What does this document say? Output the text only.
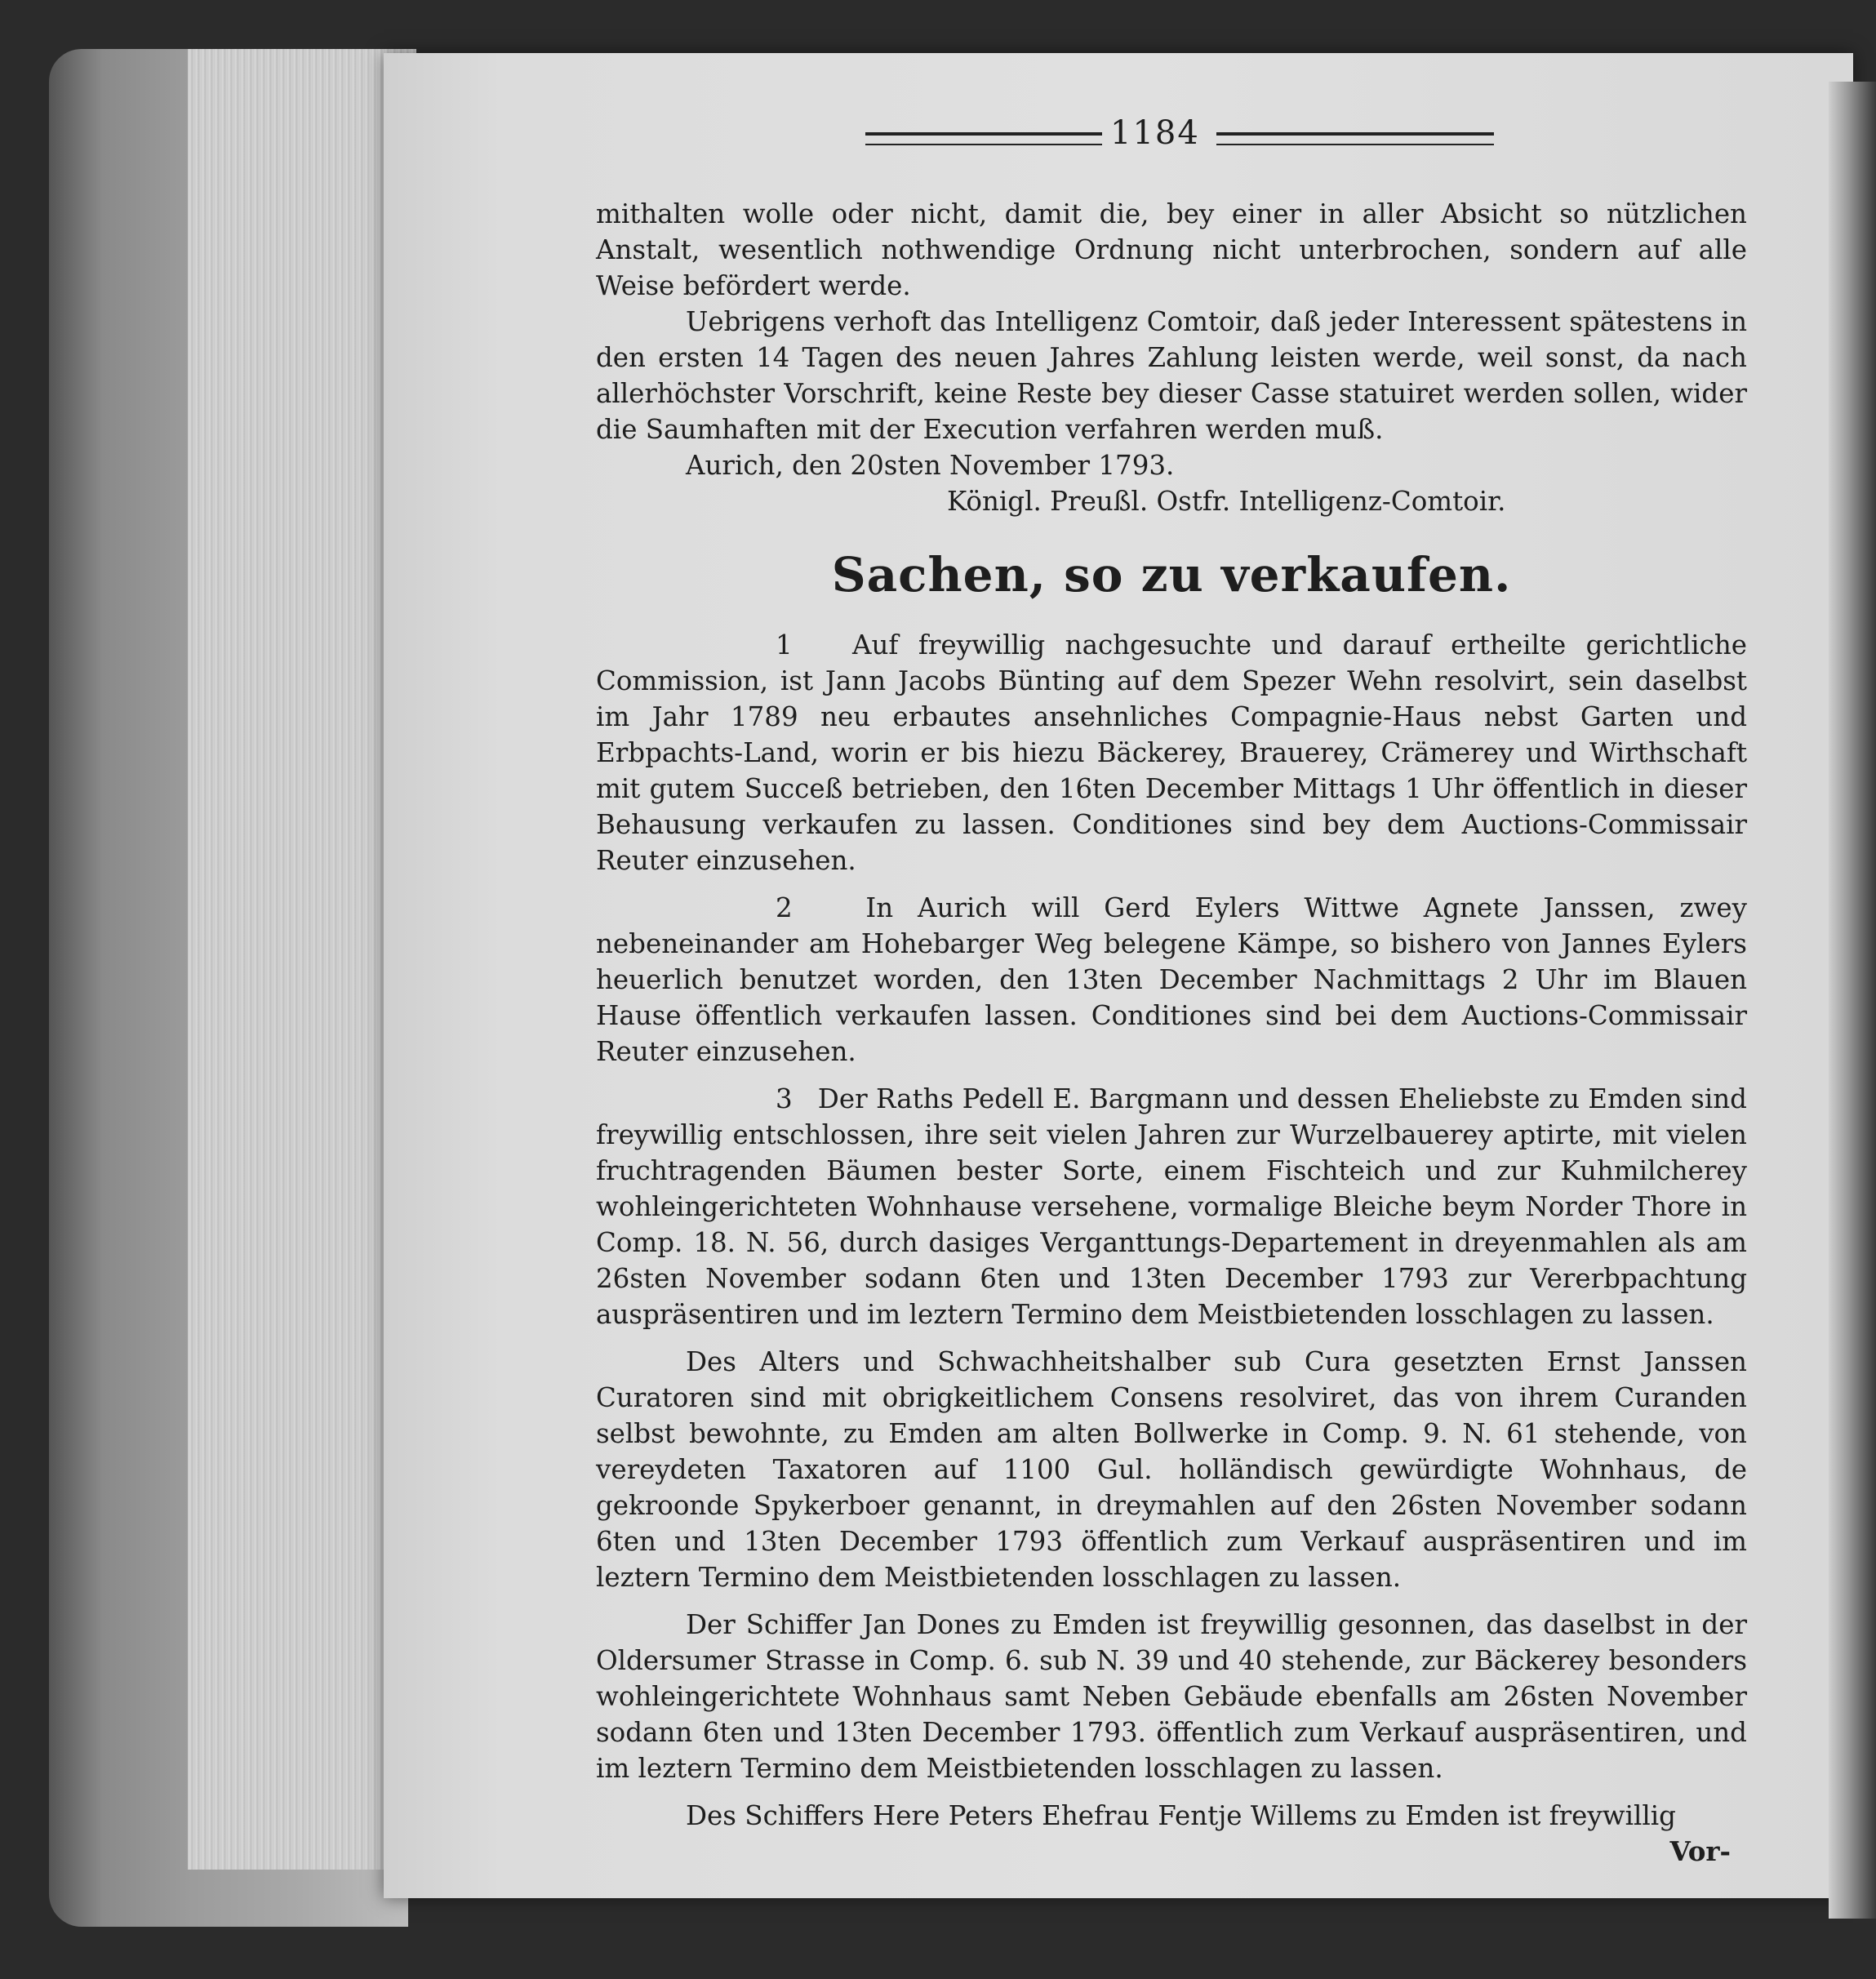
1184

mithalten wolle oder nicht, damit die, bey einer in aller Absicht so nützlichen Anstalt, wesentlich nothwendige Ordnung nicht unterbrochen, sondern auf alle Weise befördert werde.

Uebrigens verhoft das Intelligenz Comtoir, daß jeder Interessent spätestens in den ersten 14 Tagen des neuen Jahres Zahlung leisten werde, weil sonst, da nach allerhöchster Vorschrift, keine Reste bey dieser Casse statuiret werden sollen, wider die Saumhaften mit der Execution verfahren werden muß.

Aurich, den 20sten November 1793.

Königl. Preußl. Ostfr. Intelligenz-Comtoir.

Sachen, so zu verkaufen.

1 Auf freywillig nachgesuchte und darauf ertheilte gerichtliche Commission, ist Jann Jacobs Bünting auf dem Spezer Wehn resolvirt, sein daselbst im Jahr 1789 neu erbautes ansehnliches Compagnie-Haus nebst Garten und Erbpachts-Land, worin er bis hiezu Bäckerey, Brauerey, Crämerey und Wirthschaft mit gutem Succeß betrieben, den 16ten December Mittags 1 Uhr öffentlich in dieser Behausung verkaufen zu lassen. Conditiones sind bey dem Auctions-Commissair Reuter einzusehen.

2	In Aurich will Gerd Eylers Wittwe Agnete Janssen, zwey nebeneinander am Hohebarger Weg belegene Kämpe, so bishero von Jannes Eylers heuerlich benutzet worden, den 13ten December Nachmittags 2 Uhr im Blauen Hause öffentlich verkaufen lassen. Conditiones sind bei dem Auctions-Commissair Reuter einzusehen.

3 Der Raths Pedell E. Bargmann und dessen Eheliebste zu Emden sind freywillig entschlossen, ihre seit vielen Jahren zur Wurzelbauerey aptirte, mit vielen fruchtragenden Bäumen bester Sorte, einem Fischteich und zur Kuhmilcherey wohleingerichteten Wohnhause versehene, vormalige Bleiche beym Norder Thore in Comp. 18. N. 56, durch dasiges Verganttungs-Departement in dreyenmahlen als am 26sten November sodann 6ten und 13ten December 1793 zur Vererbpachtung auspräsentiren und im leztern Termino dem Meistbietenden losschlagen zu lassen.

Des Alters und Schwachheitshalber sub Cura gesetzten Ernst Janssen Curatoren sind mit obrigkeitlichem Consens resolviret, das von ihrem Curanden selbst bewohnte, zu Emden am alten Bollwerke in Comp. 9. N. 61 stehende, von vereydeten Taxatoren auf 1100 Gul. holländisch gewürdigte Wohnhaus, de gekroonde Spykerboer genannt, in dreymahlen auf den 26sten November sodann 6ten und 13ten December 1793 öffentlich zum Verkauf auspräsentiren und im leztern Termino dem Meistbietenden losschlagen zu lassen.

Der Schiffer Jan Dones zu Emden ist freywillig gesonnen, das daselbst in der Oldersumer Strasse in Comp. 6. sub N. 39 und 40 stehende, zur Bäckerey besonders wohleingerichtete Wohnhaus samt Neben Gebäude ebenfalls am 26sten November sodann 6ten und 13ten December 1793. öffentlich zum Verkauf auspräsentiren, und im leztern Termino dem Meistbietenden losschlagen zu lassen.

Des Schiffers Here Peters Ehefrau Fentje Willems zu Emden ist freywillig

Vor-
